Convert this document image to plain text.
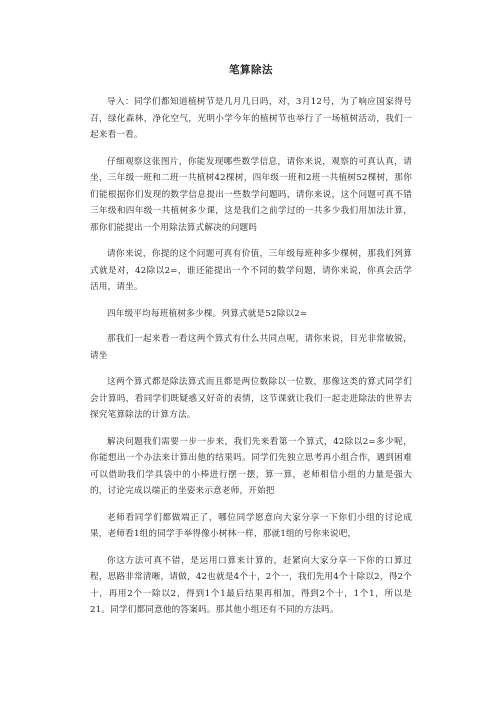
笔算除法

导入：同学们都知道植树节是几月几日吗，对，3月12号，为了响应国家得号召，绿化森林，净化空气，光明小学今年的植树节也举行了一场植树活动，我们一起来看一看。

仔细观察这张图片，你能发现哪些数学信息，请你来说，观察的可真认真，请坐，三年级一班和二班一共植树42棵树，四年级一班和2班一共植树52棵树，那你们能根据你们发现的数学信息提出一些数学问题吗，请你来说，这个问题可真不错三年级和四年级一共植树多少课，这是我们之前学过的一共多少我们用加法计算，那你们能提出一个用除法算式解决的问题吗

请你来说，你提的这个问题可真有价值，三年级每班种多少棵树，那我们列算式就是对，42除以2=，谁还能提出一个不同的数学问题，请你来说，你真会活学活用，请坐。

四年级平均每班植树多少棵。列算式就是52除以2=

那我们一起来看一看这两个算式有什么共同点呢，请你来说，目光非常敏锐，请坐

这两个算式都是除法算式而且都是两位数除以一位数，那像这类的算式同学们会计算吗，看同学们既疑惑又好奇的表情，这节课就让我们一起走进除法的世界去探究笔算除法的计算方法。

解决问题我们需要一步一步来，我们先来看第一个算式，42除以2=多少呢，你能想出一个办法来计算出他的结果吗。同学们先独立思考再小组合作，遇到困难可以借助我们学具袋中的小棒进行摆一摆，算一算，老师相信小组的力量是强大的，讨论完成以端正的坐姿来示意老师，开始把

老师看同学们都做端正了，哪位同学愿意向大家分享一下你们小组的讨论成果，老师看1组的同学手举得像小树林一样，那就1组的号你来说吧，

你这方法可真不错，是运用口算来计算的，赶紧向大家分享一下你的口算过程，思路非常清晰，请做，42也就是4个十，2个一，我们先用4个十除以2，得2个十，再用2个一除以2，得到1个1最后结果再相加，得到2个十，1个1，所以是21。同学们都同意他的答案吗。那其他小组还有不同的方法吗。
